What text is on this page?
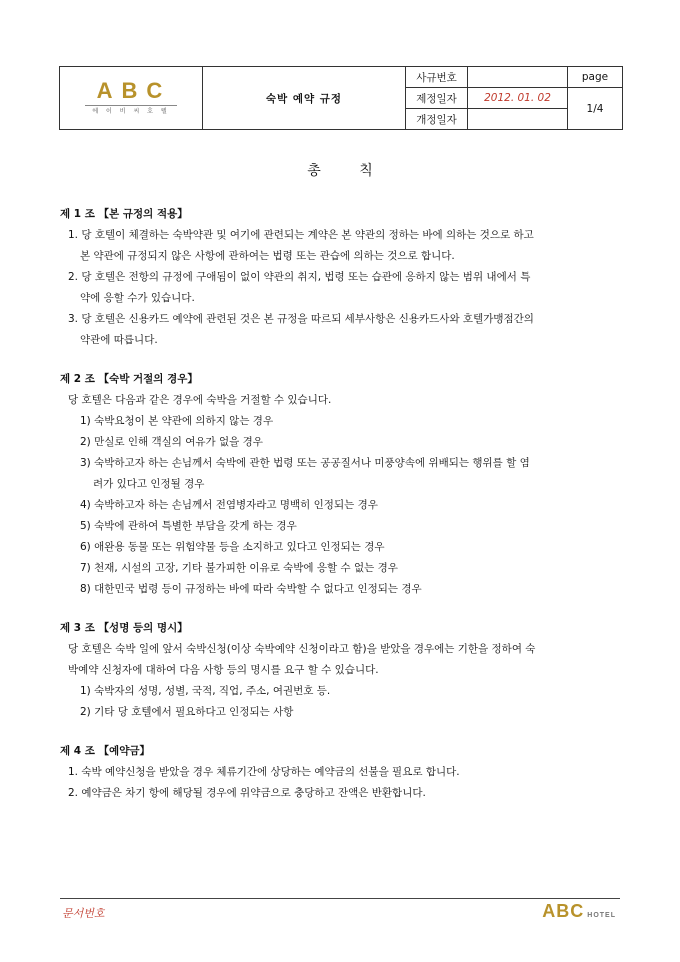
ABC
에 이 비 씨 호 텔	숙박 예약 규정	사규번호		page
		제정일자	2012. 01. 02	1/4
		개정일자		
총 칙
제 1 조 【본 규정의 적용】
1. 당 호텔이 체결하는 숙박약관 및 여기에 관련되는 계약은 본 약관의 정하는 바에 의하는 것으로 하고
본 약관에 규정되지 않은 사항에 관하여는 법령 또는 관습에 의하는 것으로 합니다.
2. 당 호텔은 전항의 규정에 구애됨이 없이 약관의 취지, 법령 또는 습관에 응하지 않는 범위 내에서 특
약에 응할 수가 있습니다.
3. 당 호텔은 신용카드 예약에 관련된 것은 본 규정을 따르되 세부사항은 신용카드사와 호텔가맹점간의
약관에 따릅니다.
제 2 조 【숙박 거절의 경우】
당 호텔은 다음과 같은 경우에 숙박을 거절할 수 있습니다.
1) 숙박요청이 본 약관에 의하지 않는 경우
2) 만실로 인해 객실의 여유가 없을 경우
3) 숙박하고자 하는 손님께서 숙박에 관한 법령 또는 공공질서나 미풍양속에 위배되는 행위를 할 염
려가 있다고 인정될 경우
4) 숙박하고자 하는 손님께서 전염병자라고 명백히 인정되는 경우
5) 숙박에 관하여 특별한 부담을 갖게 하는 경우
6) 애완용 동물 또는 위험약물 등을 소지하고 있다고 인정되는 경우
7) 천재, 시설의 고장, 기타 불가피한 이유로 숙박에 응할 수 없는 경우
8) 대한민국 법령 등이 규정하는 바에 따라 숙박할 수 없다고 인정되는 경우
제 3 조 【성명 등의 명시】
당 호텔은 숙박 일에 앞서 숙박신청(이상 숙박예약 신청이라고 함)을 받았을 경우에는 기한을 정하여 숙
박예약 신청자에 대하여 다음 사항 등의 명시를 요구 할 수 있습니다.
1) 숙박자의 성명, 성별, 국적, 직업, 주소, 여권번호 등.
2) 기타 당 호텔에서 필요하다고 인정되는 사항
제 4 조 【예약금】
1. 숙박 예약신청을 받았을 경우 체류기간에 상당하는 예약금의 선불을 필요로 합니다.
2. 예약금은 차기 항에 해당될 경우에 위약금으로 충당하고 잔액은 반환합니다.
문서번호	ABC HOTEL
